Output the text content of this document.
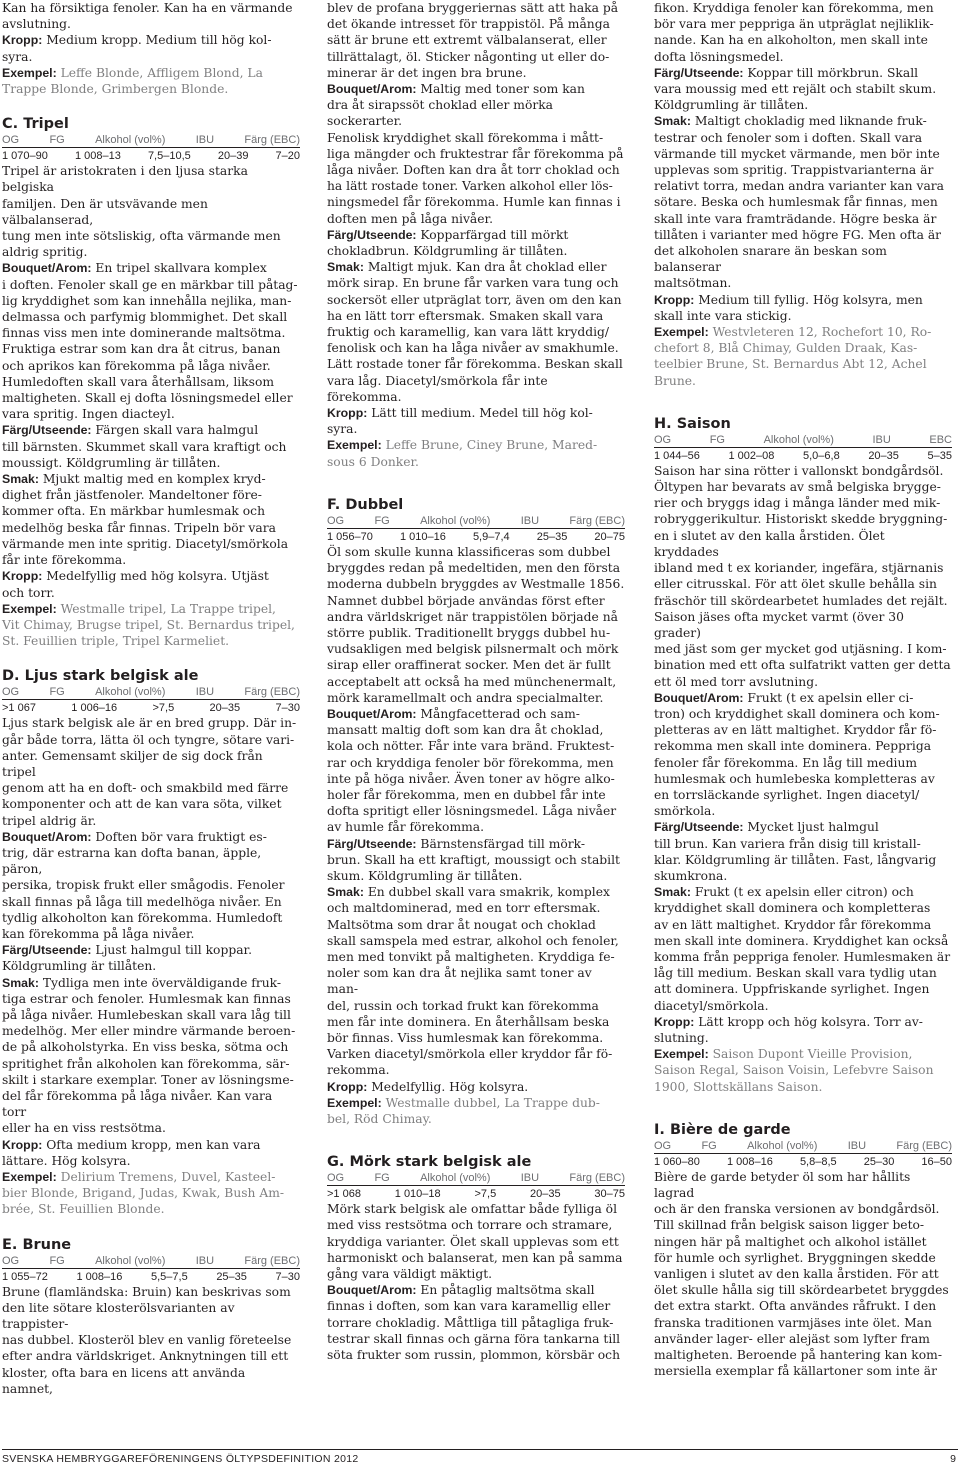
Kan ha försiktiga fenoler. Kan ha en värmande
avslutning.
Kropp: Medium kropp. Medium till hög kol-
syra.
Exempel: Leffe Blonde, Affligem Blond, La
Trappe Blonde, Grimbergen Blonde.
C. Tripel
OG	FG	Alkohol (vol%)	IBU	Färg (EBC)
1 070–90 1 008–13 7,5–10,5 20–39 7–20
Tripel är aristokraten i den ljusa starka belgiska
familjen. Den är utsvävande men välbalanserad,
tung men inte sötsliskig, ofta värmande men
aldrig spritig.
Bouquet/Arom: En tripel skallvara komplex
i doften. Fenoler skall ge en märkbar till påtag-
lig kryddighet som kan innehålla nejlika, man-
delmassa och parfymig blommighet. Det skall
finnas viss men inte dominerande maltsötma.
Fruktiga estrar som kan dra åt citrus, banan
och aprikos kan förekomma på låga nivåer.
Humledoften skall vara återhållsam, liksom
maltigheten. Skall ej dofta lösningsmedel eller
vara spritig. Ingen diacteyl.
Färg/Utseende: Färgen skall vara halmgul
till bärnsten. Skummet skall vara kraftigt och
moussigt. Köldgrumling är tillåten.
Smak: Mjukt maltig med en komplex kryd-
dighet från jästfenoler. Mandeltoner före-
kommer ofta. En märkbar humlesmak och
medelhög beska får finnas. Tripeln bör vara
värmande men inte spritig. Diacetyl/smörkola
får inte förekomma.
Kropp: Medelfyllig med hög kolsyra. Utjäst
och torr.
Exempel: Westmalle tripel, La Trappe tripel,
Vit Chimay, Brugse tripel, St. Bernardus tripel,
St. Feuillien triple, Tripel Karmeliet.
D. Ljus stark belgisk ale
OG	FG	Alkohol (vol%)	IBU	Färg (EBC)
>1 067	1 006–16	>7,5	20–35	7–30
Ljus stark belgisk ale är en bred grupp. Där in-
går både torra, lätta öl och tyngre, sötare vari-
anter. Gemensamt skiljer de sig dock från tripel
genom att ha en doft- och smakbild med färre
komponenter och att de kan vara söta, vilket
tripel aldrig är.
Bouquet/Arom: Doften bör vara fruktigt es-
trig, där estrarna kan dofta banan, äpple, päron,
persika, tropisk frukt eller smågodis. Fenoler
skall finnas på låga till medelhöga nivåer. En
tydlig alkoholton kan förekomma. Humledoft
kan förekomma på låga nivåer.
Färg/Utseende: Ljust halmgul till koppar.
Köldgrumling är tillåten.
Smak: Tydliga men inte överväldigande fruk-
tiga estrar och fenoler. Humlesmak kan finnas
på låga nivåer. Humlebeskan skall vara låg till
medelhög. Mer eller mindre värmande beroen-
de på alkoholstyrka. En viss beska, sötma och
spritighet från alkoholen kan förekomma, sär-
skilt i starkare exemplar. Toner av lösningsme-
del får förekomma på låga nivåer. Kan vara torr
eller ha en viss restsötma.
Kropp: Ofta medium kropp, men kan vara
lättare. Hög kolsyra.
Exempel: Delirium Tremens, Duvel, Kasteel-
bier Blonde, Brigand, Judas, Kwak, Bush Am-
brée, St. Feuillien Blonde.
E. Brune
OG	FG	Alkohol (vol%)	IBU	Färg (EBC)
1 055–72	1 008–16	5,5–7,5	25–35	7–30
Brune (flamländska: Bruin) kan beskrivas som
den lite sötare klosterölsvarianten av trappister-
nas dubbel. Klosteröl blev en vanlig företeelse
efter andra världskriget. Anknytningen till ett
kloster, ofta bara en licens att använda namnet,
blev de profana bryggeriernas sätt att haka på
det ökande intresset för trappistöl. På många
sätt är brune ett extremt välbalanserat, eller
tillrättalagt, öl. Sticker någonting ut eller do-
minerar är det ingen bra brune.
Bouquet/Arom: Maltig med toner som kan
dra åt sirapssöt choklad eller mörka sockerarter.
Fenolisk kryddighet skall förekomma i mått-
liga mängder och fruktestrar får förekomma på
låga nivåer. Doften kan dra åt torr choklad och
ha lätt rostade toner. Varken alkohol eller lös-
ningsmedel får förekomma. Humle kan finnas i
doften men på låga nivåer.
Färg/Utseende: Kopparfärgad till mörkt
chokladbrun. Köldgrumling är tillåten.
Smak: Maltigt mjuk. Kan dra åt choklad eller
mörk sirap. En brune får varken vara tung och
sockersöt eller utpräglat torr, även om den kan
ha en lätt torr eftersmak. Smaken skall vara
fruktig och karamellig, kan vara lätt kryddig/
fenolisk och kan ha låga nivåer av smakhumle.
Lätt rostade toner får förekomma. Beskan skall
vara låg. Diacetyl/smörkola får inte förekomma.
Kropp: Lätt till medium. Medel till hög kol-
syra.
Exempel: Leffe Brune, Ciney Brune, Mared-
sous 6 Donker.
F. Dubbel
OG	FG	Alkohol (vol%)	IBU	Färg (EBC)
1 056–70 1 010–16 5,9–7,4 25–35 20–75
Öl som skulle kunna klassificeras som dubbel
bryggdes redan på medeltiden, men den första
moderna dubbeln bryggdes av Westmalle 1856.
Namnet dubbel började användas först efter
andra världskriget när trappistölen började nå
större publik. Traditionellt bryggs dubbel hu-
vudsakligen med belgisk pilsnermalt och mörk
sirap eller oraffinerat socker. Men det är fullt
acceptabelt att också ha med münchenermalt,
mörk karamellmalt och andra specialmalter.
Bouquet/Arom: Mångfacetterad och sam-
mansatt maltig doft som kan dra åt choklad,
kola och nötter. Får inte vara bränd. Fruktest-
rar och kryddiga fenoler bör förekomma, men
inte på höga nivåer. Även toner av högre alko-
holer får förekomma, men en dubbel får inte
dofta spritigt eller lösningsmedel. Låga nivåer
av humle får förekomma.
Färg/Utseende: Bärnstensfärgad till mörk-
brun. Skall ha ett kraftigt, moussigt och stabilt
skum. Köldgrumling är tillåten.
Smak: En dubbel skall vara smakrik, komplex
och maltdominerad, med en torr eftersmak.
Maltsötma som drar åt nougat och choklad
skall samspela med estrar, alkohol och fenoler,
men med tonvikt på maltigheten. Kryddiga fe-
noler som kan dra åt nejlika samt toner av man-
del, russin och torkad frukt kan förekomma
men får inte dominera. En återhållsam beska
bör finnas. Viss humlesmak kan förekomma.
Varken diacetyl/smörkola eller kryddor får fö-
rekomma.
Kropp: Medelfyllig. Hög kolsyra.
Exempel: Westmalle dubbel, La Trappe dub-
bel, Röd Chimay.
G. Mörk stark belgisk ale
OG	FG	Alkohol (vol%)	IBU	Färg (EBC)
>1 068	1 010–18	>7,5	20–35	30–75
Mörk stark belgisk ale omfattar både fylliga öl
med viss restsötma och torrare och stramare,
kryddiga varianter. Ölet skall upplevas som ett
harmoniskt och balanserat, men kan på samma
gång vara väldigt mäktigt.
Bouquet/Arom: En påtaglig maltsötma skall
finnas i doften, som kan vara karamellig eller
torrare chokladig. Måttliga till påtagliga fruk-
testrar skall finnas och gärna föra tankarna till
söta frukter som russin, plommon, körsbär och
fikon. Kryddiga fenoler kan förekomma, men
bör vara mer peppriga än utpräglat nejliklik-
nande. Kan ha en alkoholton, men skall inte
dofta lösningsmedel.
Färg/Utseende: Koppar till mörkbrun. Skall
vara moussig med ett rejält och stabilt skum.
Köldgrumling är tillåten.
Smak: Maltigt chokladig med liknande fruk-
testrar och fenoler som i doften. Skall vara
värmande till mycket värmande, men bör inte
upplevas som spritig. Trappistvarianterna är
relativt torra, medan andra varianter kan vara
sötare. Beska och humlesmak får finnas, men
skall inte vara framträdande. Högre beska är
tillåten i varianter med högre FG. Men ofta är
det alkoholen snarare än beskan som balanserar
maltsötman.
Kropp: Medium till fyllig. Hög kolsyra, men
skall inte vara stickig.
Exempel: Westvleteren 12, Rochefort 10, Ro-
chefort 8, Blå Chimay, Gulden Draak, Kas-
teelbier Brune, St. Bernardus Abt 12, Achel
Brune.
H. Saison
OG	FG	Alkohol (vol%)	IBU	EBC
1 044–56	1 002–08	5,0–6,8	20–35	5–35
Saison har sina rötter i vallonskt bondgårdsöl.
Öltypen har bevarats av små belgiska brygge-
rier och bryggs idag i många länder med mik-
robryggerikultur. Historiskt skedde bryggning-
en i slutet av den kalla årstiden. Ölet kryddades
ibland med t ex koriander, ingefära, stjärnanis
eller citrusskal. För att ölet skulle behålla sin
fräschör till skördearbetet humlades det rejält.
Saison jäses ofta mycket varmt (över 30 grader)
med jäst som ger mycket god utjäsning. I kom-
bination med ett ofta sulfatrikt vatten ger detta
ett öl med torr avslutning.
Bouquet/Arom: Frukt (t ex apelsin eller ci-
tron) och kryddighet skall dominera och kom-
pletteras av en lätt maltighet. Kryddor får fö-
rekomma men skall inte dominera. Peppriga
fenoler får förekomma. En låg till medium
humlesmak och humlebeska kompletteras av
en torrsläckande syrlighet. Ingen diacetyl/
smörkola.
Färg/Utseende: Mycket ljust halmgul
till brun. Kan variera från disig till kristall-
klar. Köldgrumling är tillåten. Fast, långvarig
skumkrona.
Smak: Frukt (t ex apelsin eller citron) och
kryddighet skall dominera och kompletteras
av en lätt maltighet. Kryddor får förekomma
men skall inte dominera. Kryddighet kan också
komma från peppriga fenoler. Humlesmaken är
låg till medium. Beskan skall vara tydlig utan
att dominera. Uppfriskande syrlighet. Ingen
diacetyl/smörkola.
Kropp: Lätt kropp och hög kolsyra. Torr av-
slutning.
Exempel: Saison Dupont Vieille Provision,
Saison Regal, Saison Voisin, Lefebvre Saison
1900, Slottskällans Saison.
I. Bière de garde
OG	FG	Alkohol (vol%)	IBU	Färg (EBC)
1 060–80 1 008–16 5,8–8,5 25–30 16–50
Bière de garde betyder öl som har hållits lagrad
och är den franska versionen av bondgårdsöl.
Till skillnad från belgisk saison ligger beto-
ningen här på maltighet och alkohol istället
för humle och syrlighet. Bryggningen skedde
vanligen i slutet av den kalla årstiden. För att
ölet skulle hålla sig till skördearbetet bryggdes
det extra starkt. Ofta användes råfrukt. I den
franska traditionen varmjäses inte ölet. Man
använder lager- eller alejäst som lyfter fram
maltigheten. Beroende på hantering kan kom-
mersiella exemplar få källartoner som inte är
SVENSKA HEMBRYGGAREFÖRENINGENS ÖLTYPSDEFINITION 2012	9
